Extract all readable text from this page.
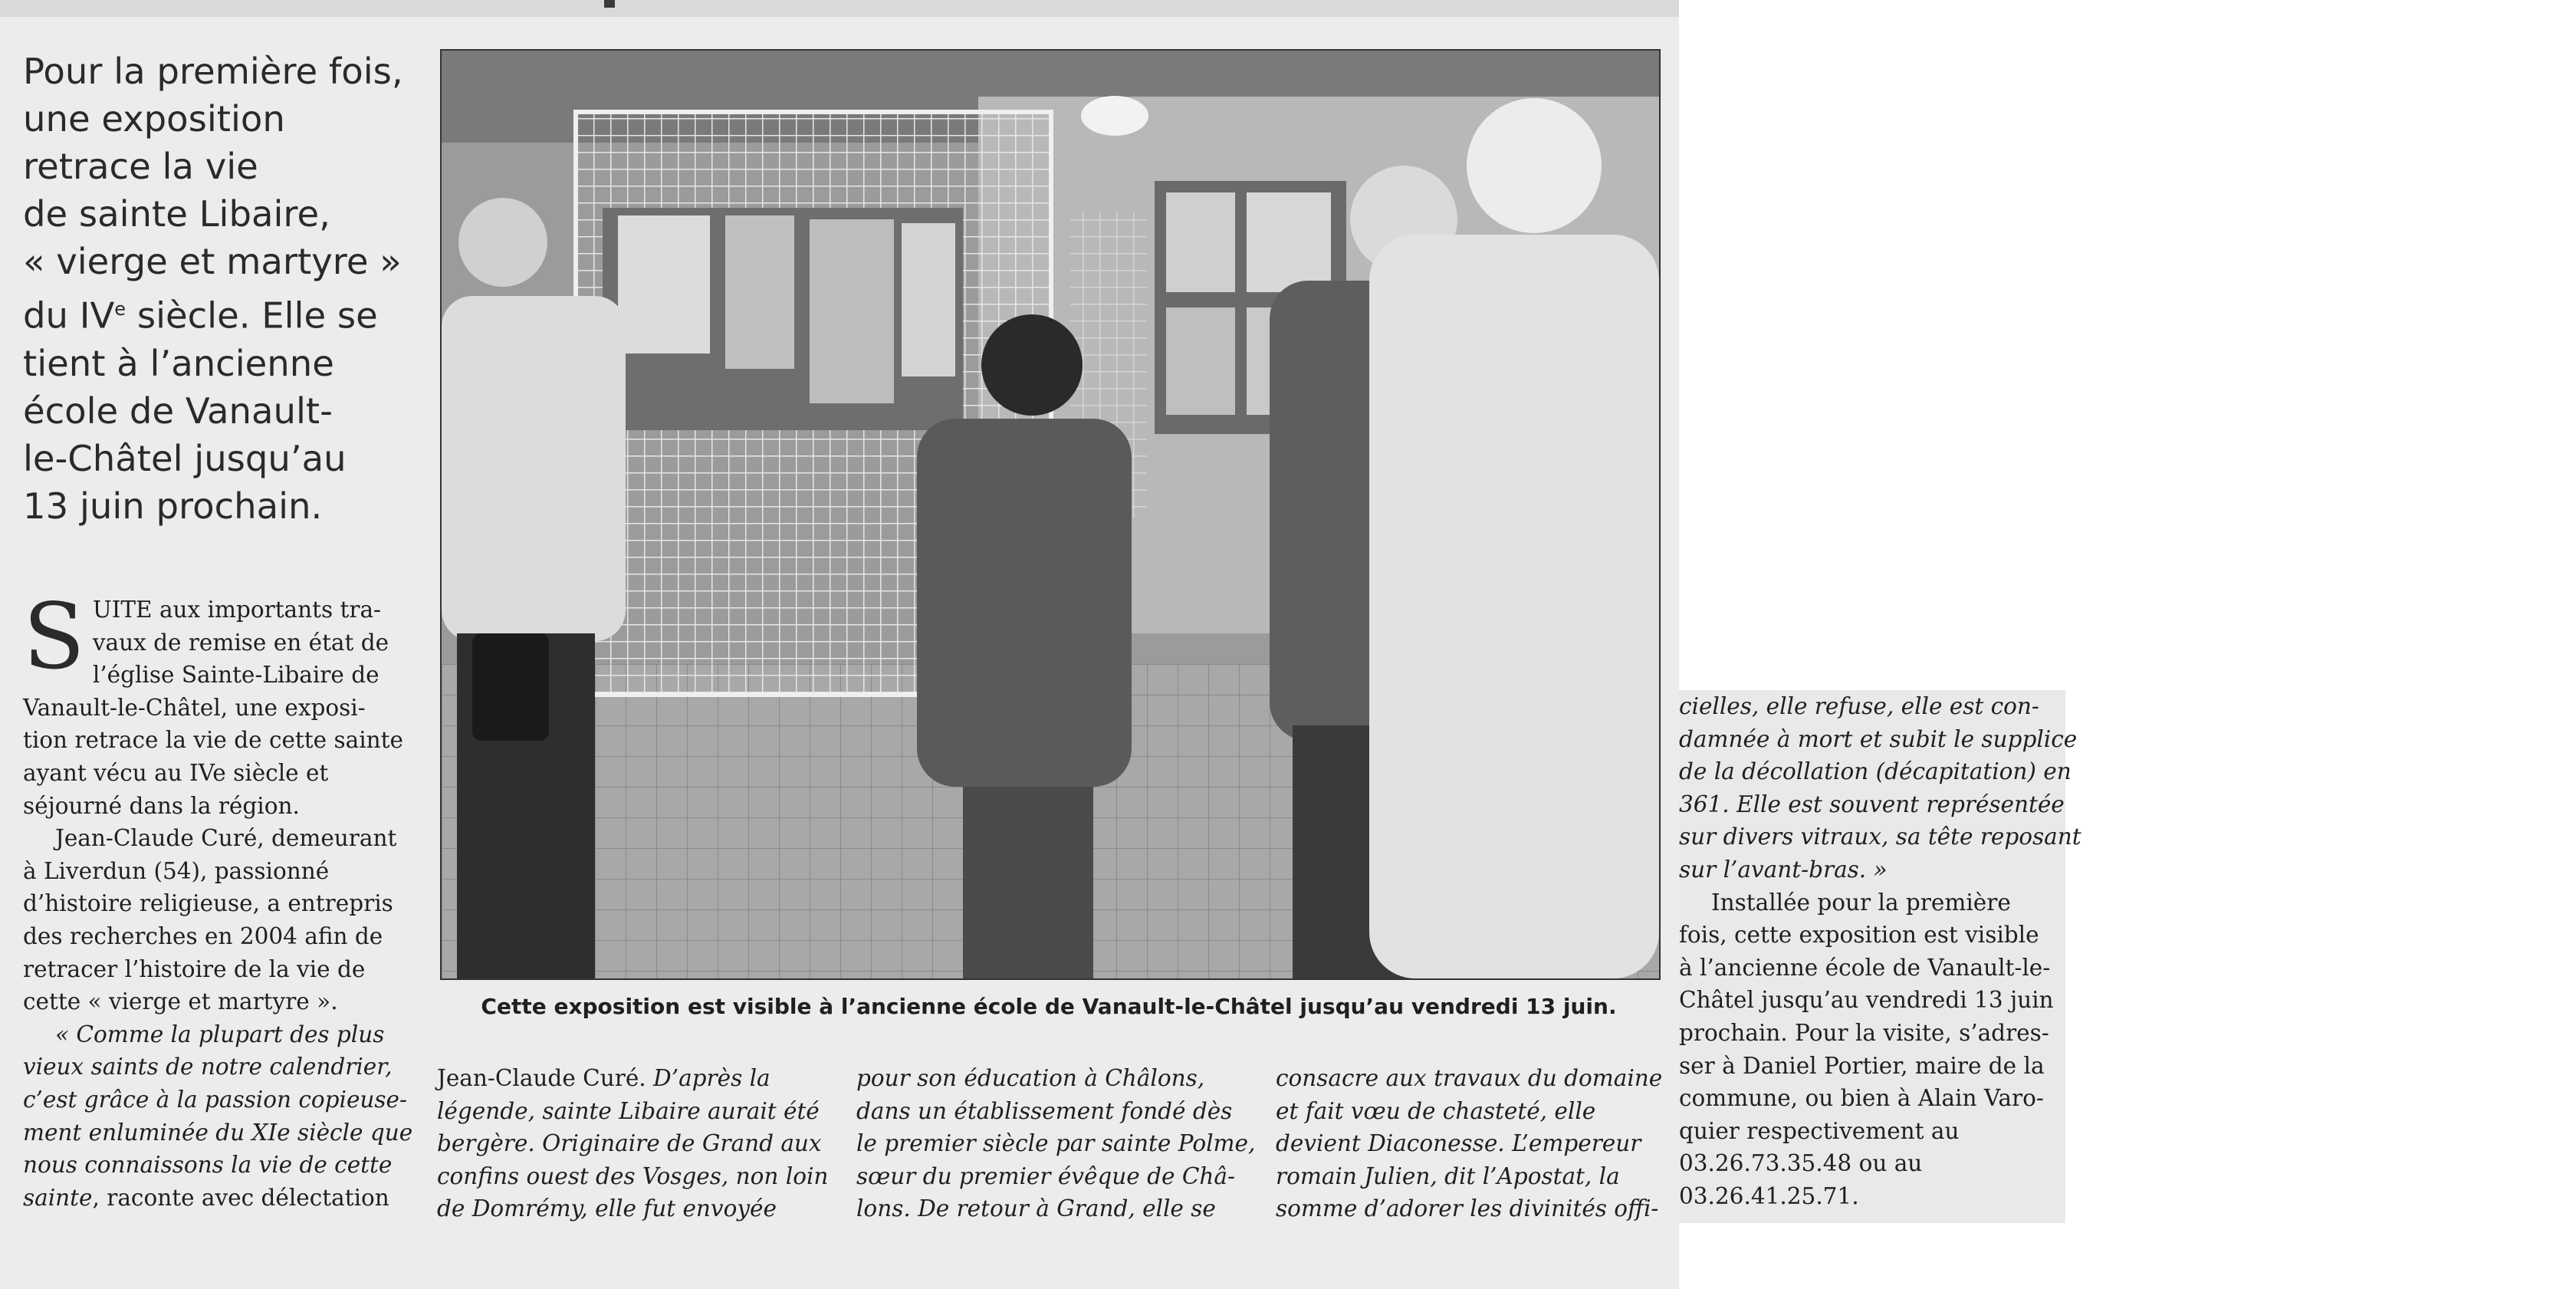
Pour la première fois,
une exposition
retrace la vie
de sainte Libaire,
« vierge et martyre »
du IVe siècle. Elle se
tient à l’ancienne
école de Vanault-
le-Châtel jusqu’au
13 juin prochain.
S UITE aux importants tra-
vaux de remise en état de
l’église Sainte-Libaire de
Vanault-le-Châtel, une exposi-
tion retrace la vie de cette sainte
ayant vécu au IVe siècle et
séjourné dans la région.
Jean-Claude Curé, demeurant
à Liverdun (54), passionné
d’histoire religieuse, a entrepris
des recherches en 2004 afin de
retracer l’histoire de la vie de
cette « vierge et martyre ».
« Comme la plupart des plus
vieux saints de notre calendrier,
c’est grâce à la passion copieuse-
ment enluminée du XIe siècle que
nous connaissons la vie de cette
sainte, raconte avec délectation
Cette exposition est visible à l’ancienne école de Vanault-le-Châtel jusqu’au vendredi 13 juin.
Jean-Claude Curé. D’après la
légende, sainte Libaire aurait été
bergère. Originaire de Grand aux
confins ouest des Vosges, non loin
de Domrémy, elle fut envoyée
pour son éducation à Châlons,
dans un établissement fondé dès
le premier siècle par sainte Polme,
sœur du premier évêque de Châ-
lons. De retour à Grand, elle se
consacre aux travaux du domaine
et fait vœu de chasteté, elle
devient Diaconesse. L’empereur
romain Julien, dit l’Apostat, la
somme d’adorer les divinités offi-
cielles, elle refuse, elle est con-
damnée à mort et subit le supplice
de la décollation (décapitation) en
361. Elle est souvent représentée
sur divers vitraux, sa tête reposant
sur l’avant-bras. »
Installée pour la première
fois, cette exposition est visible
à l’ancienne école de Vanault-le-
Châtel jusqu’au vendredi 13 juin
prochain. Pour la visite, s’adres-
ser à Daniel Portier, maire de la
commune, ou bien à Alain Varo-
quier respectivement au
03.26.73.35.48 ou au
03.26.41.25.71.
